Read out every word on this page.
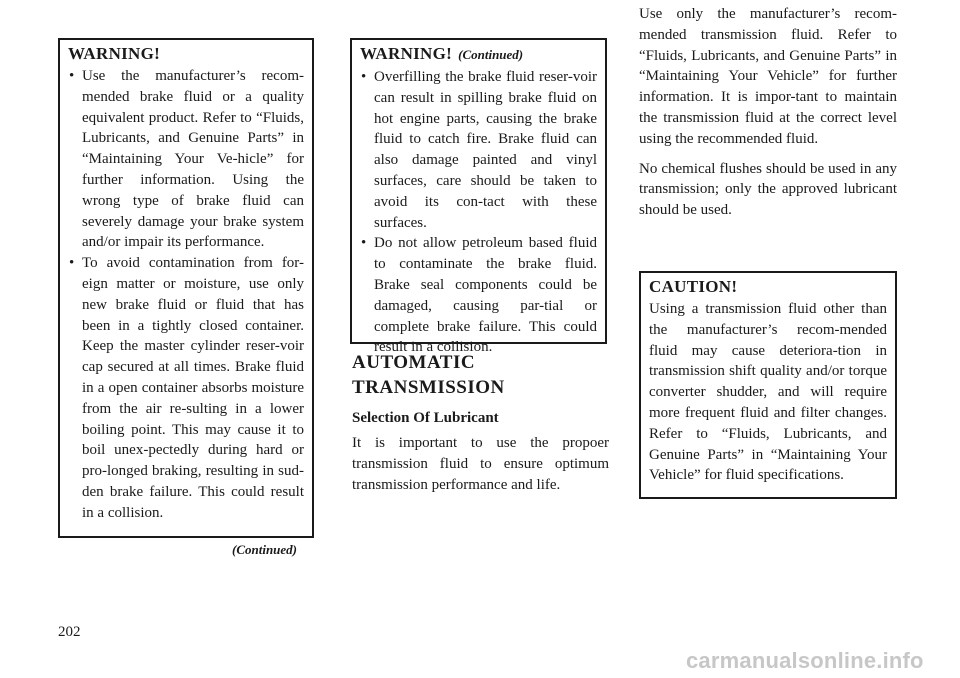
WARNING!
• Use the manufacturer’s recom-mended brake fluid or a quality equivalent product. Refer to “Fluids, Lubricants, and Genuine Parts” in “Maintaining Your Ve-hicle” for further information. Using the wrong type of brake fluid can severely damage your brake system and/or impair its performance.
• To avoid contamination from for-eign matter or moisture, use only new brake fluid or fluid that has been in a tightly closed container. Keep the master cylinder reser-voir cap secured at all times. Brake fluid in a open container absorbs moisture from the air re-sulting in a lower boiling point. This may cause it to boil unex-pectedly during hard or pro-longed braking, resulting in sud-den brake failure. This could result in a collision.
(Continued)
WARNING! (Continued)
• Overfilling the brake fluid reser-voir can result in spilling brake fluid on hot engine parts, causing the brake fluid to catch fire. Brake fluid can also damage painted and vinyl surfaces, care should be taken to avoid its con-tact with these surfaces.
• Do not allow petroleum based fluid to contaminate the brake fluid. Brake seal components could be damaged, causing par-tial or complete brake failure. This could result in a collision.
AUTOMATIC
TRANSMISSION
Selection Of Lubricant

It is important to use the propoer transmission fluid to ensure optimum transmission performance and life.

Use only the manufacturer’s recom-mended transmission fluid. Refer to “Fluids, Lubricants, and Genuine Parts” in “Maintaining Your Vehicle” for further information. It is impor-tant to maintain the transmission fluid at the correct level using the recommended fluid.

No chemical flushes should be used in any transmission; only the approved lubricant should be used.

CAUTION!
Using a transmission fluid other than the manufacturer’s recom-mended fluid may cause deteriora-tion in transmission shift quality and/or torque converter shudder, and will require more frequent fluid and filter changes. Refer to “Fluids, Lubricants, and Genuine Parts” in “Maintaining Your Vehicle” for fluid specifications.
202
carmanualsonline.info
